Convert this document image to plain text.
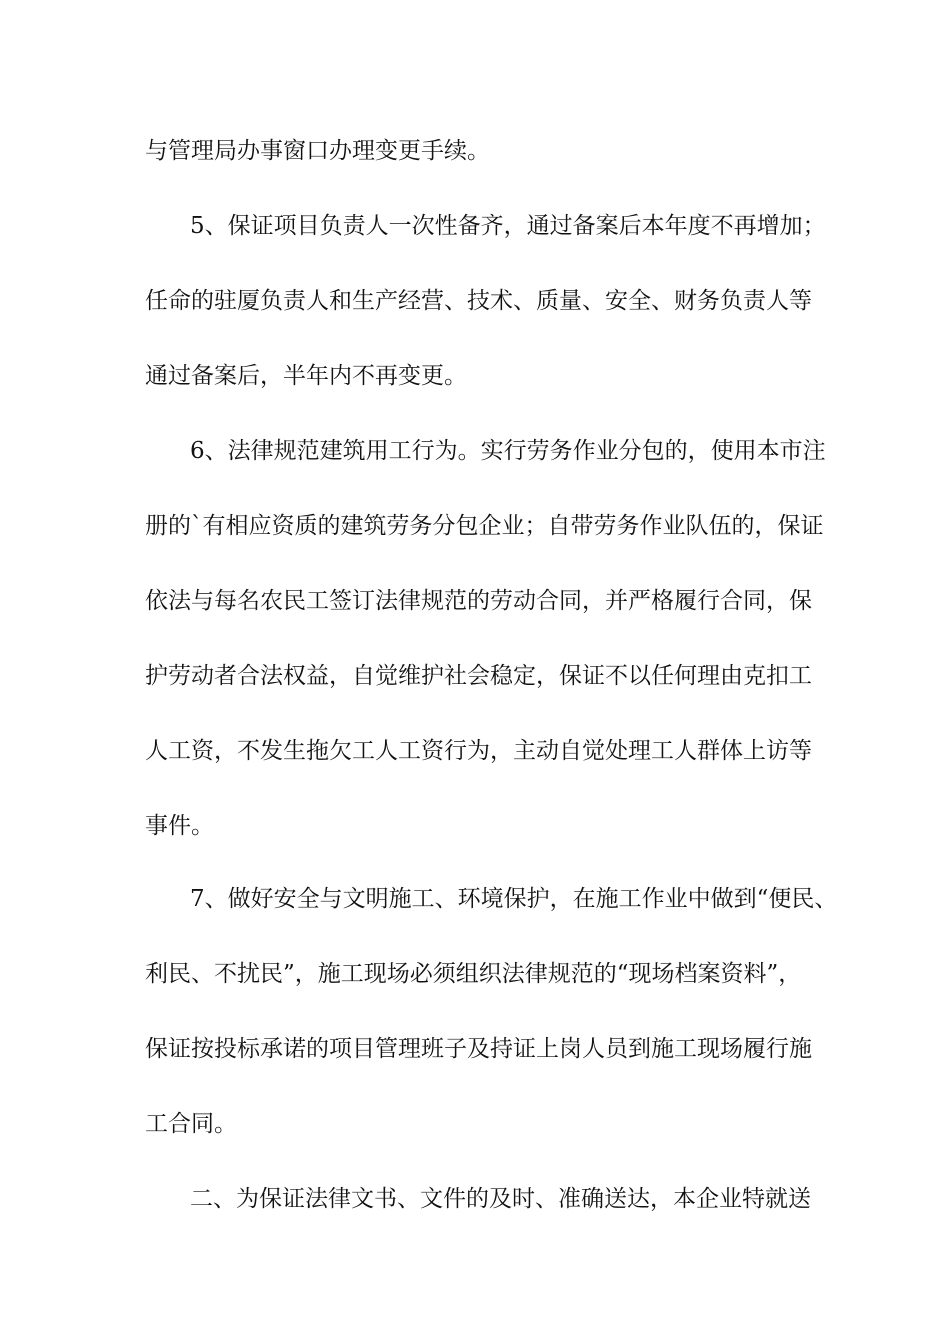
与管理局办事窗口办理变更手续。
5、保证项目负责人一次性备齐，通过备案后本年度不再增加；
任命的驻厦负责人和生产经营、技术、质量、安全、财务负责人等
通过备案后，半年内不再变更。
6、法律规范建筑用工行为。实行劳务作业分包的，使用本市注
册的`有相应资质的建筑劳务分包企业；自带劳务作业队伍的，保证
依法与每名农民工签订法律规范的劳动合同，并严格履行合同，保
护劳动者合法权益，自觉维护社会稳定，保证不以任何理由克扣工
人工资，不发生拖欠工人工资行为，主动自觉处理工人群体上访等
事件。
7、做好安全与文明施工、环境保护，在施工作业中做到“便民、
利民、不扰民”，施工现场必须组织法律规范的“现场档案资料”，
保证按投标承诺的项目管理班子及持证上岗人员到施工现场履行施
工合同。
二、为保证法律文书、文件的及时、准确送达，本企业特就送
